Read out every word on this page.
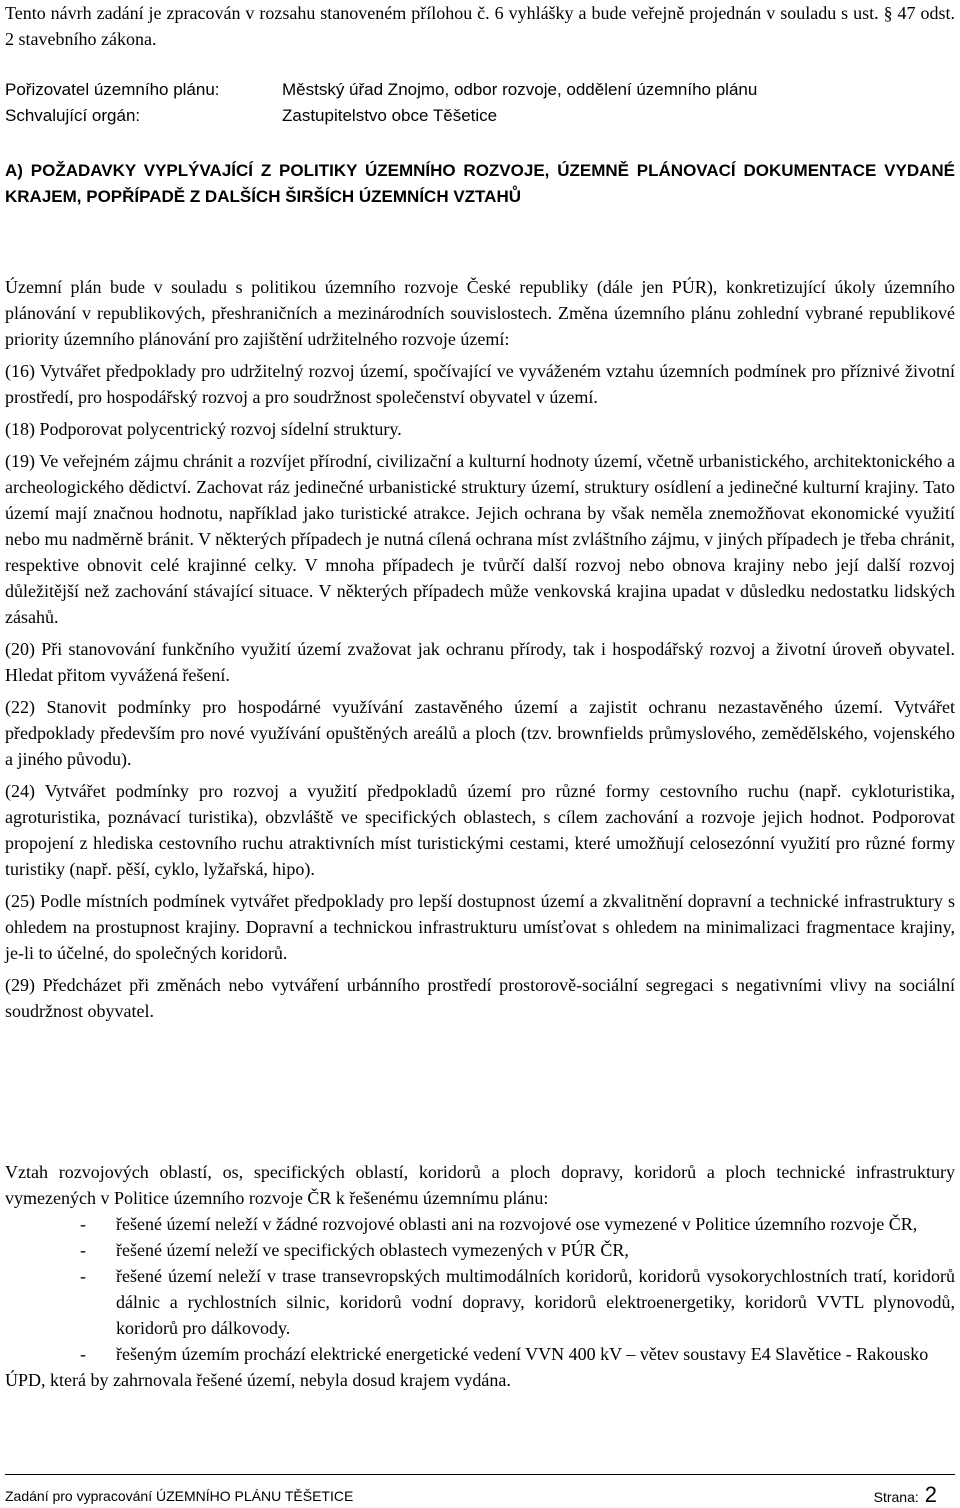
Tento návrh zadání je zpracován v rozsahu stanoveném přílohou č. 6 vyhlášky a bude veřejně projednán v souladu s ust. § 47 odst. 2 stavebního zákona.

Pořizovatel územního plánu:	Městský úřad Znojmo, odbor rozvoje, oddělení územního plánu
Schvalující orgán:	Zastupitelstvo obce Těšetice
A) POŽADAVKY VYPLÝVAJÍCÍ Z POLITIKY ÚZEMNÍHO ROZVOJE, ÚZEMNĚ PLÁNOVACÍ DOKUMENTACE VYDANÉ KRAJEM, POPŘÍPADĚ Z DALŠÍCH ŠIRŠÍCH ÚZEMNÍCH VZTAHŮ

Územní plán bude v souladu s politikou územního rozvoje České republiky (dále jen PÚR), konkretizující úkoly územního plánování v republikových, přeshraničních a mezinárodních souvislostech. Změna územního plánu zohlední vybrané republikové priority územního plánování pro zajištění udržitelného rozvoje území:

(16) Vytvářet předpoklady pro udržitelný rozvoj území, spočívající ve vyváženém vztahu územních podmínek pro příznivé životní prostředí, pro hospodářský rozvoj a pro soudržnost společenství obyvatel v území.

(18) Podporovat polycentrický rozvoj sídelní struktury.

(19) Ve veřejném zájmu chránit a rozvíjet přírodní, civilizační a kulturní hodnoty území, včetně urbanistického, architektonického a archeologického dědictví. Zachovat ráz jedinečné urbanistické struktury území, struktury osídlení a jedinečné kulturní krajiny. Tato území mají značnou hodnotu, například jako turistické atrakce. Jejich ochrana by však neměla znemožňovat ekonomické využití nebo mu nadměrně bránit. V některých případech je nutná cílená ochrana míst zvláštního zájmu, v jiných případech je třeba chránit, respektive obnovit celé krajinné celky. V mnoha případech je tvůrčí další rozvoj nebo obnova krajiny nebo její další rozvoj důležitější než zachování stávající situace. V některých případech může venkovská krajina upadat v důsledku nedostatku lidských zásahů.

(20) Při stanovování funkčního využití území zvažovat jak ochranu přírody, tak i hospodářský rozvoj a životní úroveň obyvatel. Hledat přitom vyvážená řešení.

(22) Stanovit podmínky pro hospodárné využívání zastavěného území a zajistit ochranu nezastavěného území. Vytvářet předpoklady především pro nové využívání opuštěných areálů a ploch (tzv. brownfields průmyslového, zemědělského, vojenského a jiného původu).

(24) Vytvářet podmínky pro rozvoj a využití předpokladů území pro různé formy cestovního ruchu (např. cykloturistika, agroturistika, poznávací turistika), obzvláště ve specifických oblastech, s cílem zachování a rozvoje jejich hodnot. Podporovat propojení z hlediska cestovního ruchu atraktivních míst turistickými cestami, které umožňují celosezónní využití pro různé formy turistiky (např. pěší, cyklo, lyžařská, hipo).

(25) Podle místních podmínek vytvářet předpoklady pro lepší dostupnost území a zkvalitnění dopravní a technické infrastruktury s ohledem na prostupnost krajiny. Dopravní a technickou infrastrukturu umísťovat s ohledem na minimalizaci fragmentace krajiny, je-li to účelné, do společných koridorů.

(29) Předcházet při změnách nebo vytváření urbánního prostředí prostorově-sociální segregaci s negativními vlivy na sociální soudržnost obyvatel.

Vztah rozvojových oblastí, os, specifických oblastí, koridorů a ploch dopravy, koridorů a ploch technické infrastruktury vymezených v Politice územního rozvoje ČR k řešenému územnímu plánu:

- řešené území neleží v žádné rozvojové oblasti ani na rozvojové ose vymezené v Politice územního rozvoje ČR,
- řešené území neleží ve specifických oblastech vymezených v PÚR ČR,
- řešené území neleží v trase transevropských multimodálních koridorů, koridorů vysokorychlostních tratí, koridorů dálnic a rychlostních silnic, koridorů vodní dopravy, koridorů elektroenergetiky, koridorů VVTL plynovodů, koridorů pro dálkovody.
- řešeným územím prochází elektrické energetické vedení VVN 400 kV – větev soustavy E4 Slavětice - Rakousko

ÚPD, která by zahrnovala řešené území, nebyla dosud krajem vydána.

Zadání pro vypracování ÚZEMNÍHO PLÁNU TĚŠETICE	Strana: 2
